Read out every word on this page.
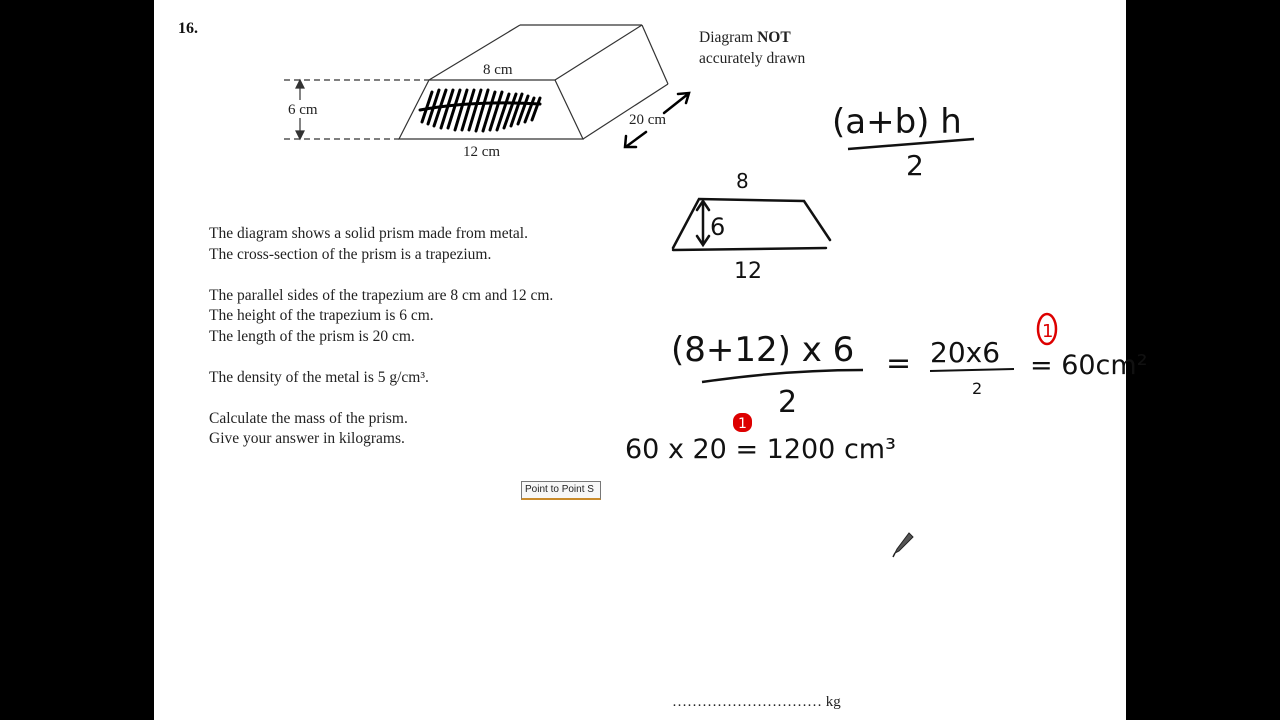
16.
Diagram NOT
accurately drawn
8 cm
6 cm
12 cm
20 cm	(a+b) h
2
8
6
12
(8+12) x 6
2
= 20x6
2
= 60cm²
1
1
60 x 20 = 1200 cm³

The diagram shows a solid prism made from metal.
The cross-section of the prism is a trapezium.

The parallel sides of the trapezium are 8 cm and 12 cm.
The height of the trapezium is 6 cm.
The length of the prism is 20 cm.

The density of the metal is 5 g/cm³.

Calculate the mass of the prism.
Give your answer in kilograms.

Point to Point S
………………………… kg
